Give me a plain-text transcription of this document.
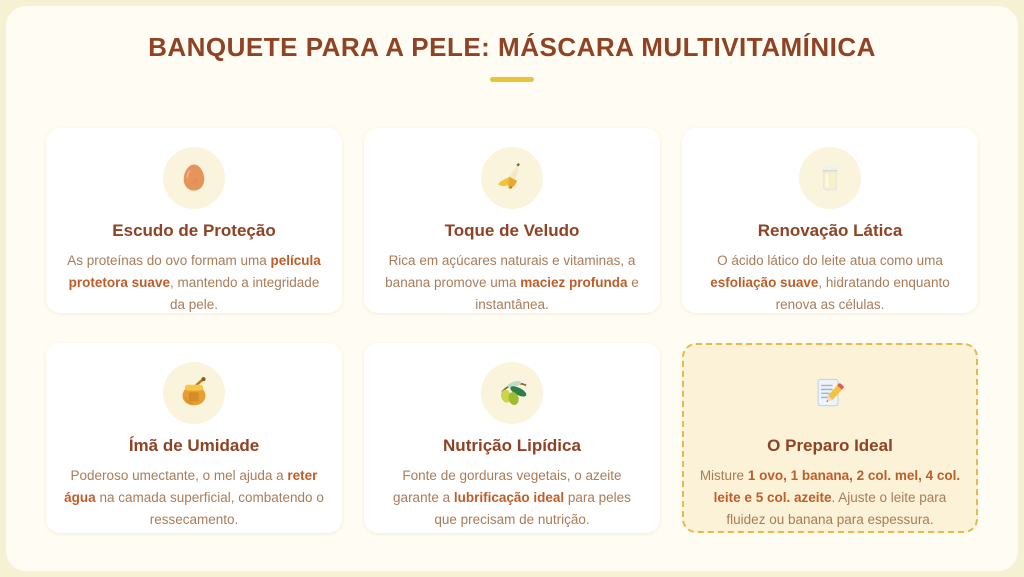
BANQUETE PARA A PELE: MÁSCARA MULTIVITAMÍNICA
Escudo de Proteção

As proteínas do ovo formam uma película protetora suave, mantendo a integridade da pele.

Toque de Veludo

Rica em açúcares naturais e vitaminas, a banana promove uma maciez profunda e instantânea.

Renovação Lática

O ácido lático do leite atua como uma esfoliação suave, hidratando enquanto renova as células.

Ímã de Umidade

Poderoso umectante, o mel ajuda a reter água na camada superficial, combatendo o ressecamento.

Nutrição Lipídica

Fonte de gorduras vegetais, o azeite garante a lubrificação ideal para peles que precisam de nutrição.

O Preparo Ideal

Misture 1 ovo, 1 banana, 2 col. mel, 4 col. leite e 5 col. azeite. Ajuste o leite para fluidez ou banana para espessura.
